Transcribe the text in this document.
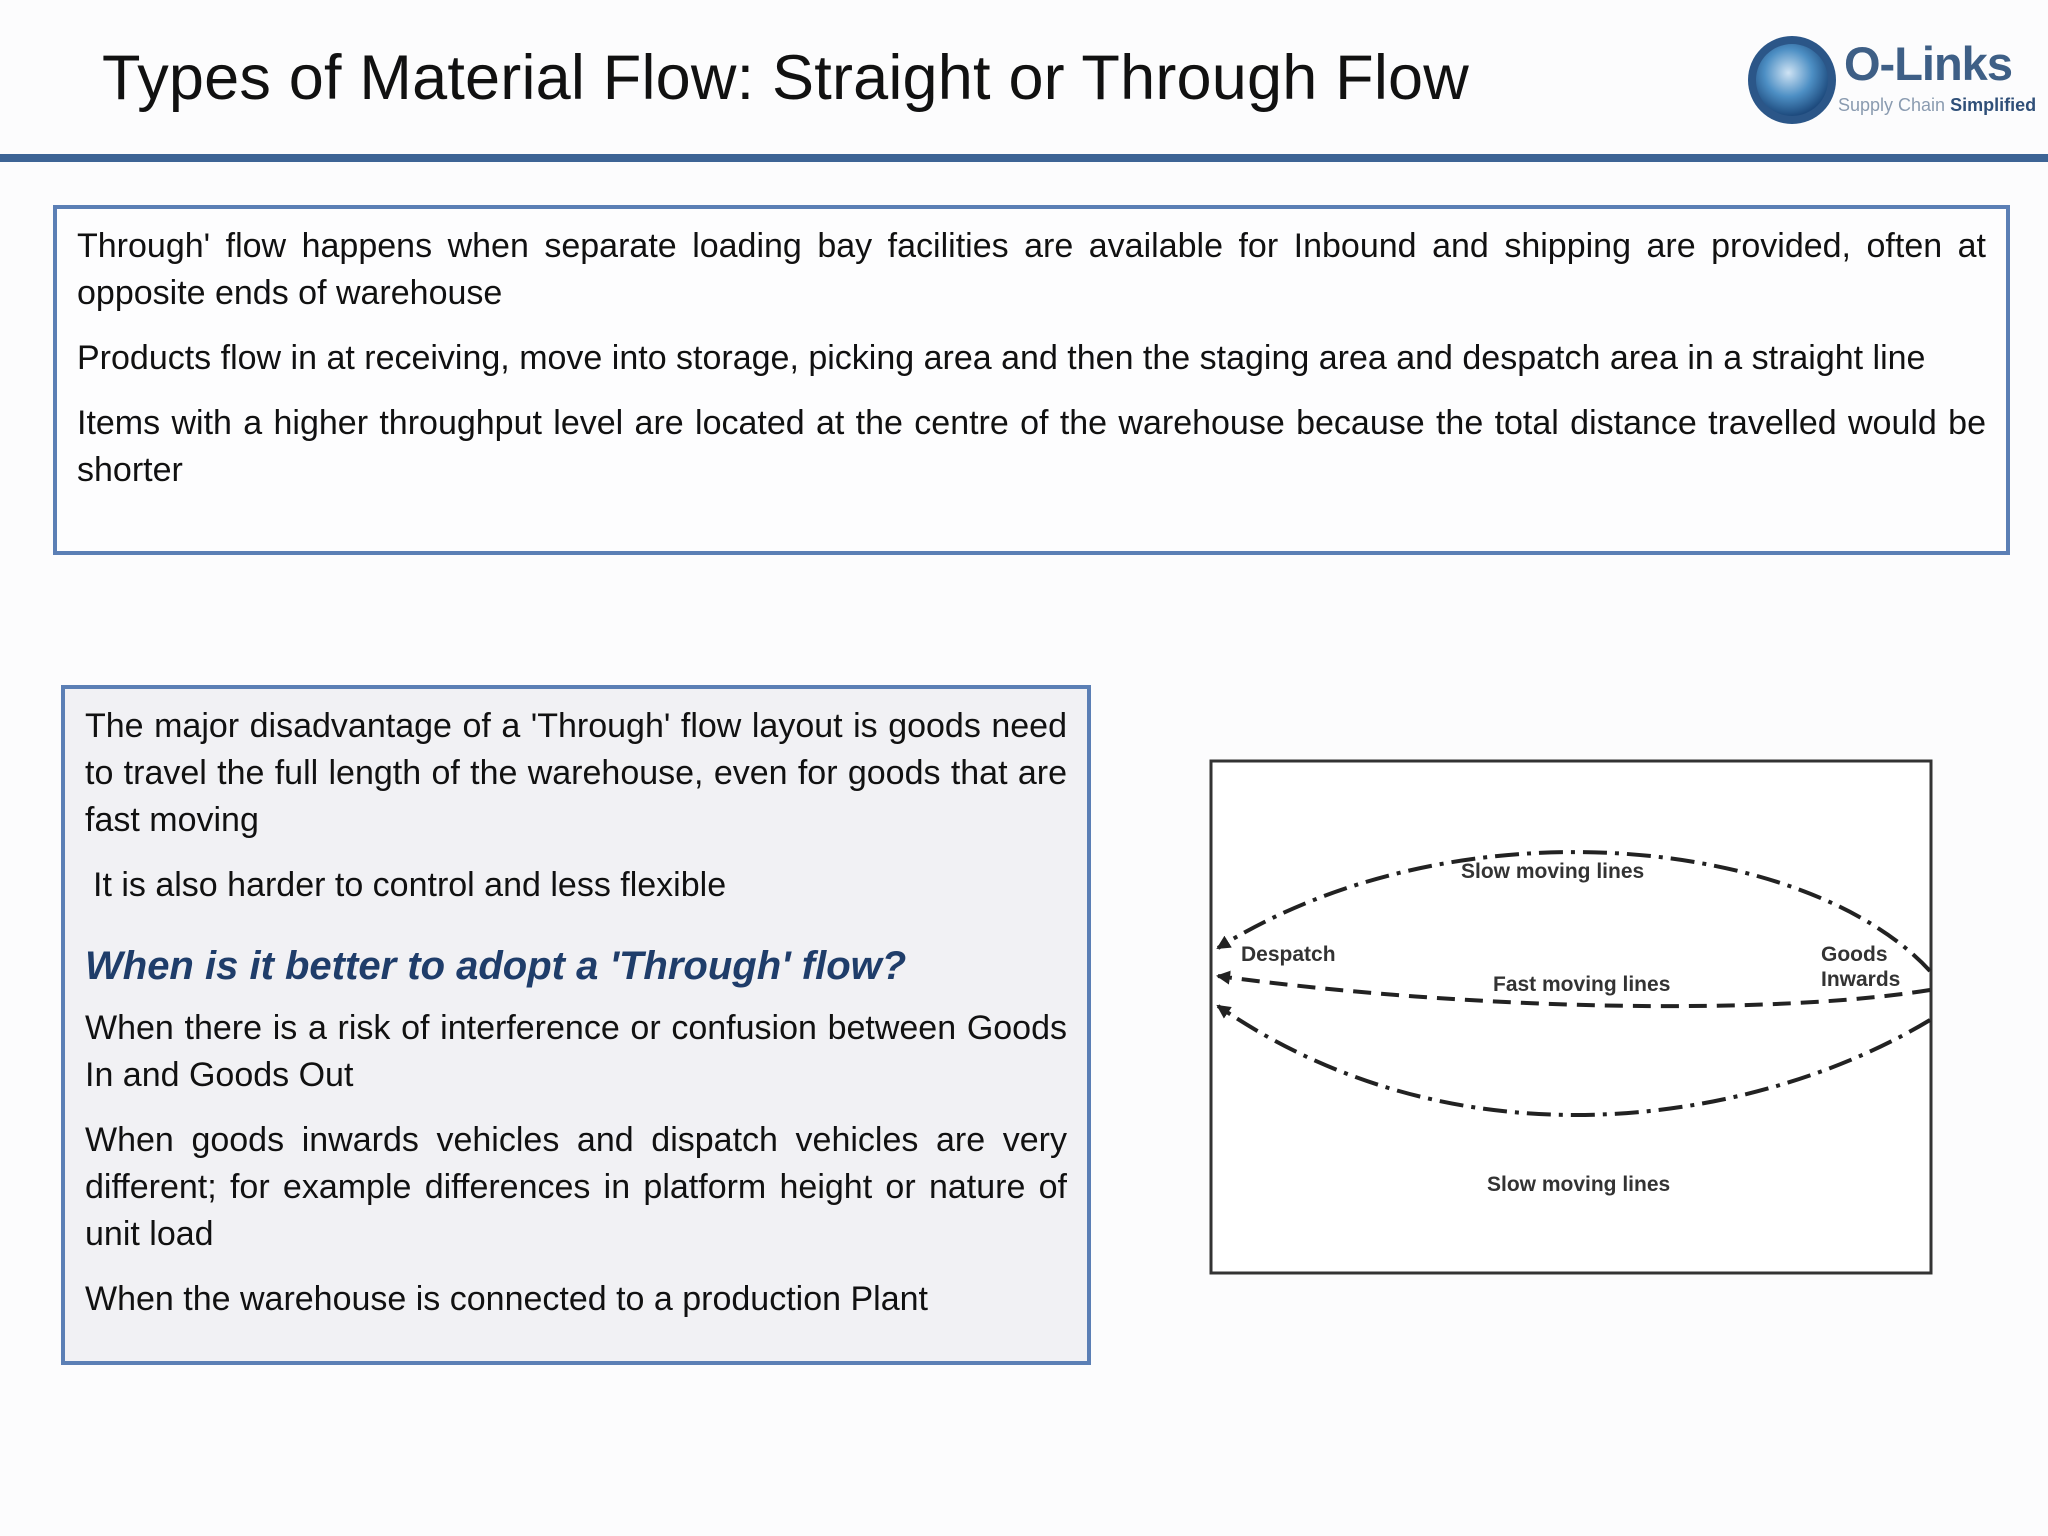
Types of Material Flow: Straight or Through Flow	O-Links
Supply Chain Simplified

Through' flow happens when separate loading bay facilities are available for Inbound and shipping are provided, often at opposite ends of warehouse

Products flow in at receiving, move into storage, picking area and then the staging area and despatch area in a straight line

Items with a higher throughput level are located at the centre of the warehouse because the total distance travelled would be shorter

The major disadvantage of a 'Through' flow layout is goods need to travel the full length of the warehouse, even for goods that are fast moving

It is also harder to control and less flexible

When is it better to adopt a 'Through' flow?

When there is a risk of interference or confusion between Goods In and Goods Out

When goods inwards vehicles and dispatch vehicles are very different; for example differences in platform height or nature of unit load

When the warehouse is connected to a production Plant

Slow moving lines
Fast moving lines
Slow moving lines
Despatch	Goods
Inwards
